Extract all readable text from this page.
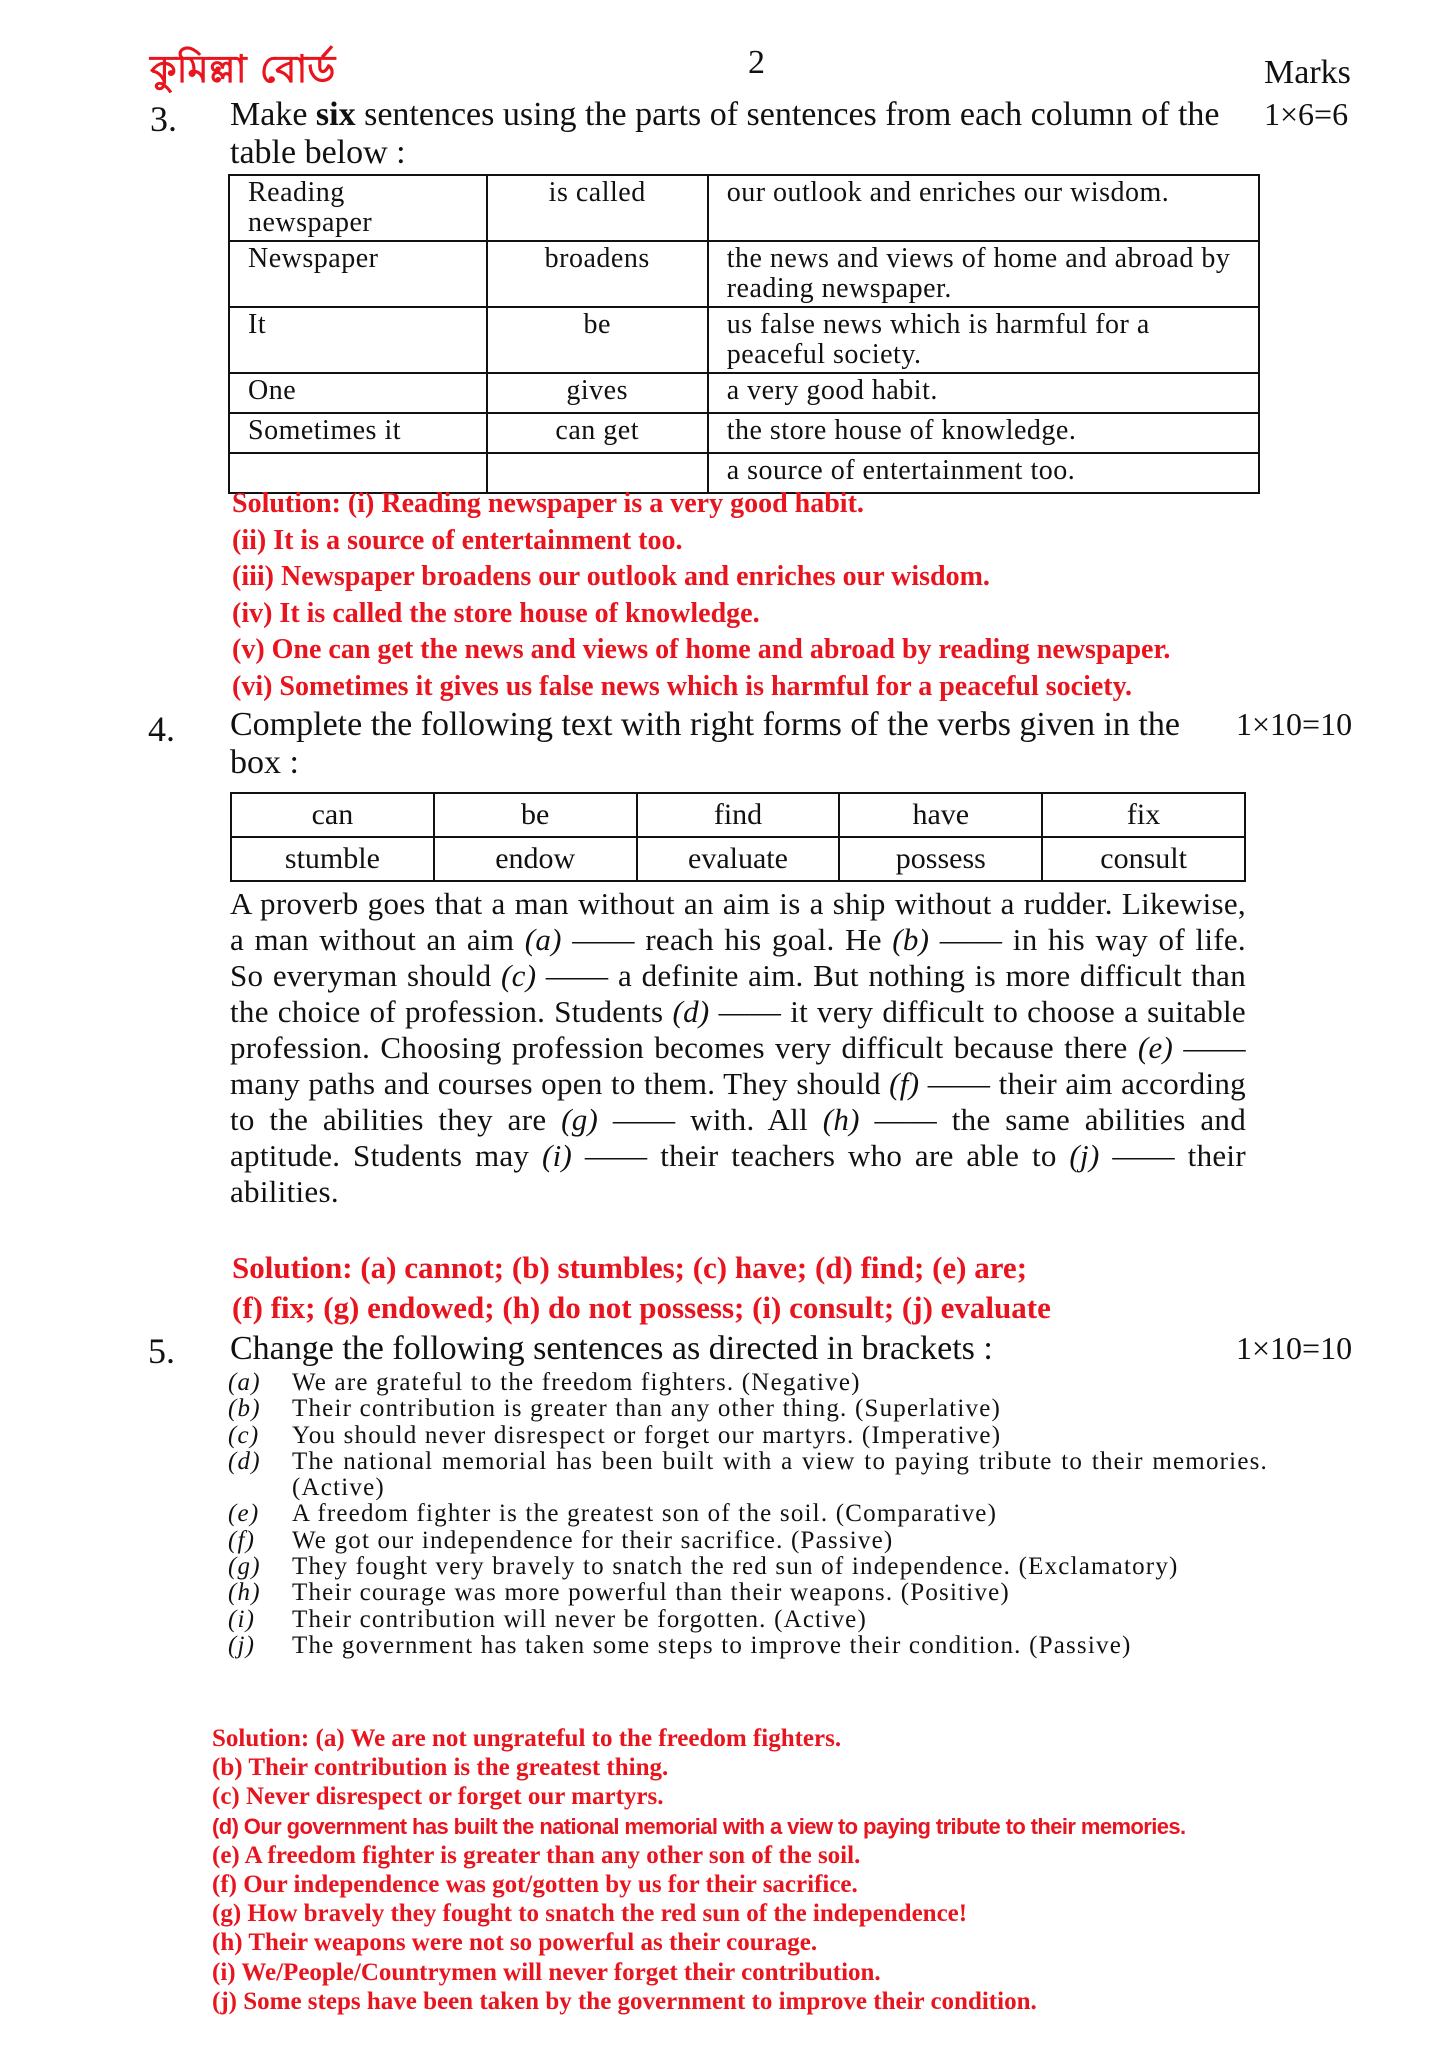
কুমিল্লা বোর্ড	2	Marks
3. Make six sentences using the parts of sentences from each column of the table below :
1×6=6
Reading newspaper	is called	our outlook and enriches our wisdom.
Newspaper	broadens	the news and views of home and abroad by reading newspaper.
It	be	us false news which is harmful for a peaceful society.
One	gives	a very good habit.
Sometimes it	can get	the store house of knowledge.
		a source of entertainment too.
Solution: (i) Reading newspaper is a very good habit.
(ii) It is a source of entertainment too.
(iii) Newspaper broadens our outlook and enriches our wisdom.
(iv) It is called the store house of knowledge.
(v) One can get the news and views of home and abroad by reading newspaper.
(vi) Sometimes it gives us false news which is harmful for a peaceful society.
4. Complete the following text with right forms of the verbs given in the box :
1×10=10
can	be	find	have	fix
stumble	endow	evaluate	possess	consult
A proverb goes that a man without an aim is a ship without a rudder. Likewise, a man without an aim (a) —— reach his goal. He (b) —— in his way of life. So everyman should (c) —— a definite aim. But nothing is more difficult than the choice of profession. Students (d) —— it very difficult to choose a suitable profession. Choosing profession becomes very difficult because there (e) —— many paths and courses open to them. They should (f) —— their aim according to the abilities they are (g) —— with. All (h) —— the same abilities and aptitude. Students may (i) —— their teachers who are able to (j) —— their abilities.
Solution: (a) cannot; (b) stumbles; (c) have; (d) find; (e) are;
(f) fix; (g) endowed; (h) do not possess; (i) consult; (j) evaluate
5. Change the following sentences as directed in brackets :	1×10=10
(a)	We are grateful to the freedom fighters. (Negative)
(b)	Their contribution is greater than any other thing. (Superlative)
(c)	You should never disrespect or forget our martyrs. (Imperative)
(d)	The national memorial has been built with a view to paying tribute to their memories. (Active)
(e)	A freedom fighter is the greatest son of the soil. (Comparative)
(f)	We got our independence for their sacrifice. (Passive)
(g)	They fought very bravely to snatch the red sun of independence. (Exclamatory)
(h)	Their courage was more powerful than their weapons. (Positive)
(i)	Their contribution will never be forgotten. (Active)
(j)	The government has taken some steps to improve their condition. (Passive)
Solution: (a) We are not ungrateful to the freedom fighters.
(b) Their contribution is the greatest thing.
(c) Never disrespect or forget our martyrs.
(d) Our government has built the national memorial with a view to paying tribute to their memories.
(e) A freedom fighter is greater than any other son of the soil.
(f) Our independence was got/gotten by us for their sacrifice.
(g) How bravely they fought to snatch the red sun of the independence!
(h) Their weapons were not so powerful as their courage.
(i) We/People/Countrymen will never forget their contribution.
(j) Some steps have been taken by the government to improve their condition.
